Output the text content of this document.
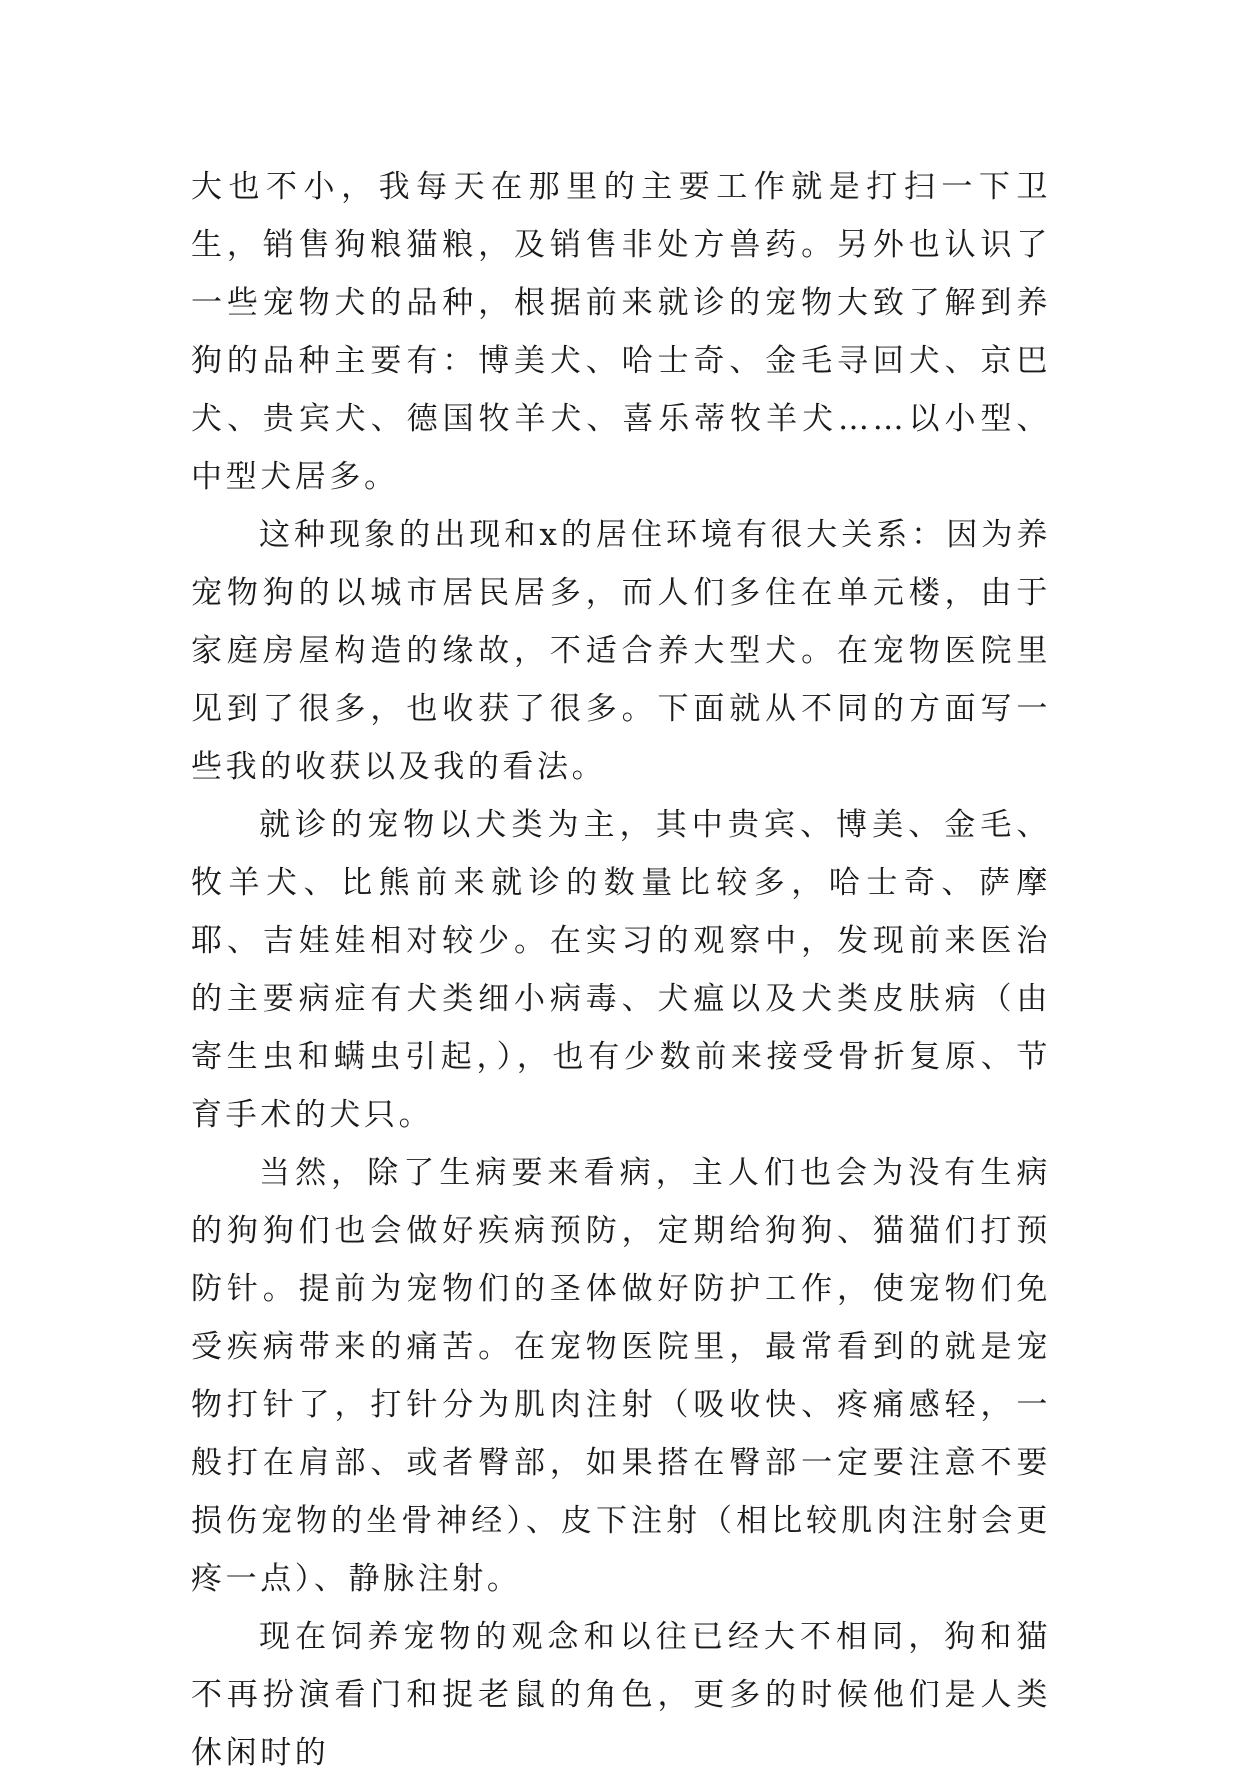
大也不小，我每天在那里的主要工作就是打扫一下卫生，销售狗粮猫粮，及销售非处方兽药。另外也认识了一些宠物犬的品种，根据前来就诊的宠物大致了解到养狗的品种主要有：博美犬、哈士奇、金毛寻回犬、京巴犬、贵宾犬、德国牧羊犬、喜乐蒂牧羊犬……以小型、中型犬居多。

这种现象的出现和x的居住环境有很大关系：因为养宠物狗的以城市居民居多，而人们多住在单元楼，由于家庭房屋构造的缘故，不适合养大型犬。在宠物医院里见到了很多，也收获了很多。下面就从不同的方面写一些我的收获以及我的看法。

就诊的宠物以犬类为主，其中贵宾、博美、金毛、牧羊犬、比熊前来就诊的数量比较多，哈士奇、萨摩耶、吉娃娃相对较少。在实习的观察中，发现前来医治的主要病症有犬类细小病毒、犬瘟以及犬类皮肤病（由寄生虫和螨虫引起，），也有少数前来接受骨折复原、节育手术的犬只。

当然，除了生病要来看病，主人们也会为没有生病的狗狗们也会做好疾病预防，定期给狗狗、猫猫们打预防针。提前为宠物们的圣体做好防护工作，使宠物们免受疾病带来的痛苦。在宠物医院里，最常看到的就是宠物打针了，打针分为肌肉注射（吸收快、疼痛感轻，一般打在肩部、或者臀部，如果搭在臀部一定要注意不要损伤宠物的坐骨神经）、皮下注射（相比较肌肉注射会更疼一点）、静脉注射。

现在饲养宠物的观念和以往已经大不相同，狗和猫不再扮演看门和捉老鼠的角色，更多的时候他们是人类休闲时的
